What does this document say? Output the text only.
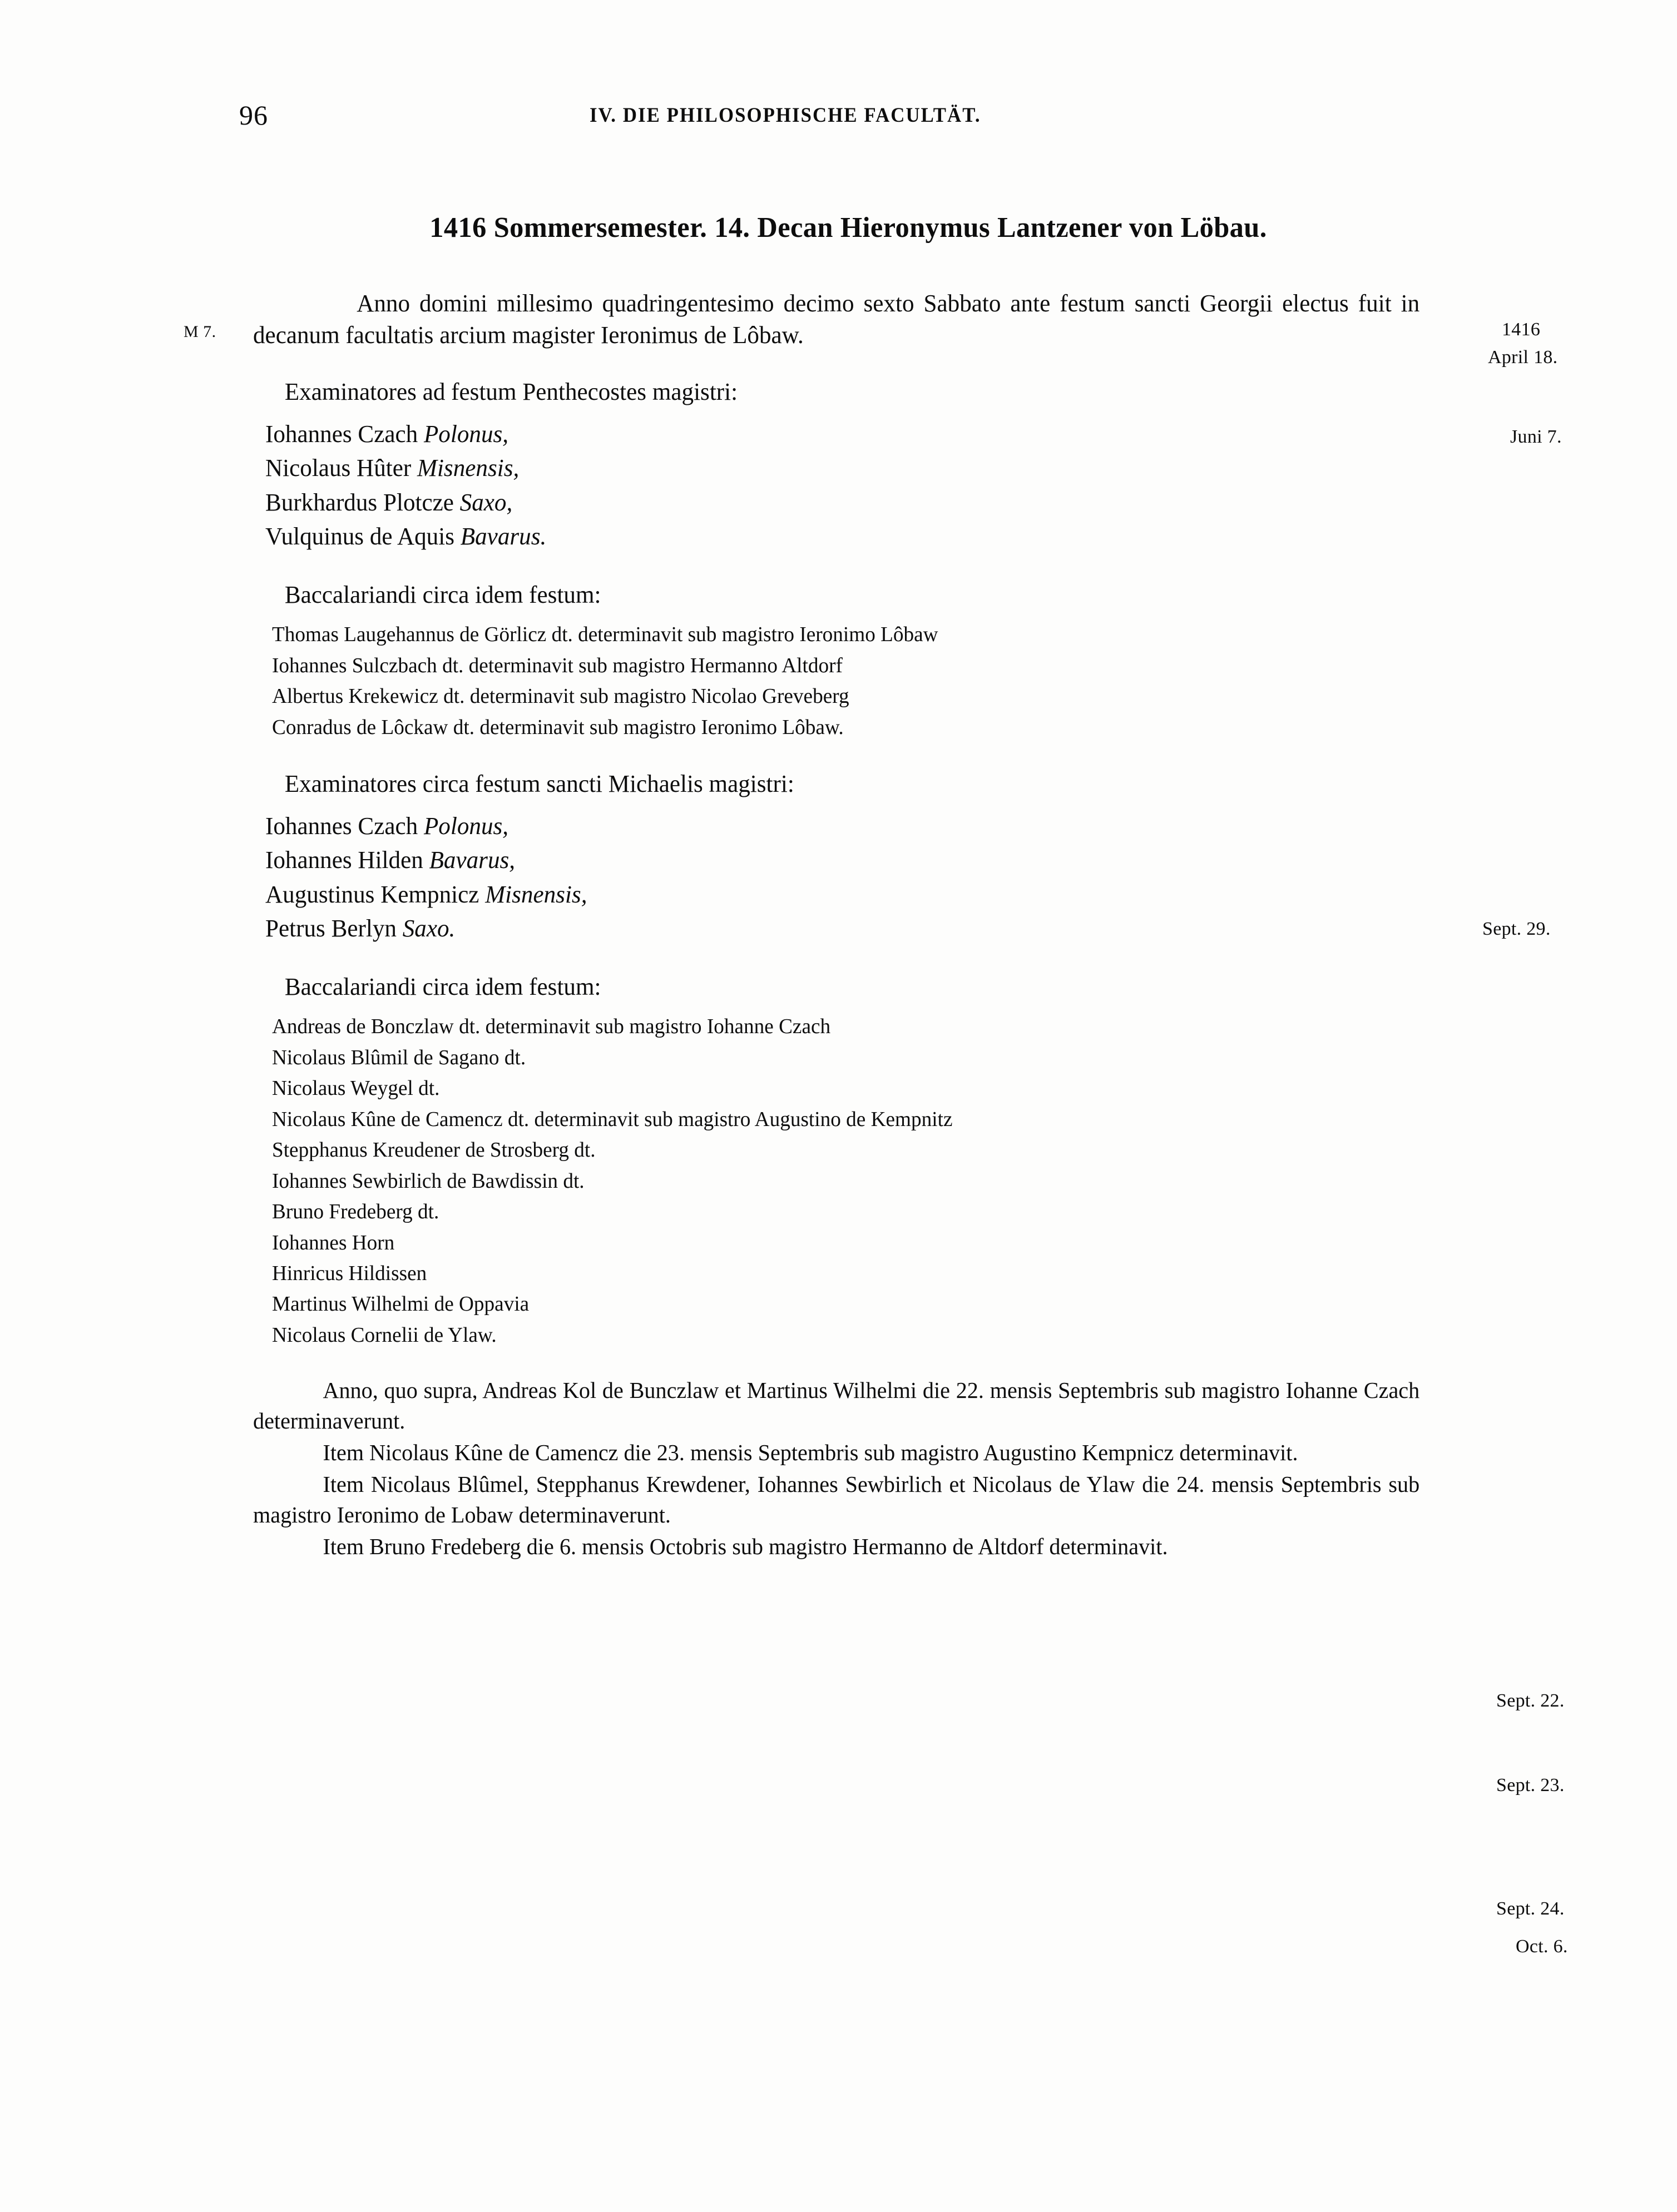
96	IV. DIE PHILOSOPHISCHE FACULTÄT.
M 7.	1416
April 18.
Juni 7.
Sept. 29.
Sept. 22.
Sept. 23.
Sept. 24.
Oct. 6.
1416 Sommersemester. 14. Decan Hieronymus Lantzener von Löbau.

Anno domini millesimo quadringentesimo decimo sexto Sabbato ante festum sancti Georgii electus fuit in decanum facultatis arcium magister Ieronimus de Lôbaw.

Examinatores ad festum Penthecostes magistri:

Iohannes Czach Polonus,
Nicolaus Hûter Misnensis,
Burkhardus Plotcze Saxo,
Vulquinus de Aquis Bavarus.

Baccalariandi circa idem festum:

Thomas Laugehannus de Görlicz dt. determinavit sub magistro Ieronimo Lôbaw
Iohannes Sulczbach dt. determinavit sub magistro Hermanno Altdorf
Albertus Krekewicz dt. determinavit sub magistro Nicolao Greveberg
Conradus de Lôckaw dt. determinavit sub magistro Ieronimo Lôbaw.

Examinatores circa festum sancti Michaelis magistri:

Iohannes Czach Polonus,
Iohannes Hilden Bavarus,
Augustinus Kempnicz Misnensis,
Petrus Berlyn Saxo.

Baccalariandi circa idem festum:

Andreas de Bonczlaw dt. determinavit sub magistro Iohanne Czach
Nicolaus Blûmil de Sagano dt.
Nicolaus Weygel dt.
Nicolaus Kûne de Camencz dt. determinavit sub magistro Augustino de Kempnitz
Stepphanus Kreudener de Strosberg dt.
Iohannes Sewbirlich de Bawdissin dt.
Bruno Fredeberg dt.
Iohannes Horn
Hinricus Hildissen
Martinus Wilhelmi de Oppavia
Nicolaus Cornelii de Ylaw.

Anno, quo supra, Andreas Kol de Bunczlaw et Martinus Wilhelmi die 22. mensis Septembris sub magistro Iohanne Czach determinaverunt.

Item Nicolaus Kûne de Camencz die 23. mensis Septembris sub magistro Augustino Kempnicz determinavit.

Item Nicolaus Blûmel, Stepphanus Krewdener, Iohannes Sewbirlich et Nicolaus de Ylaw die 24. mensis Septembris sub magistro Ieronimo de Lobaw determinaverunt.

Item Bruno Fredeberg die 6. mensis Octobris sub magistro Hermanno de Altdorf determinavit.
